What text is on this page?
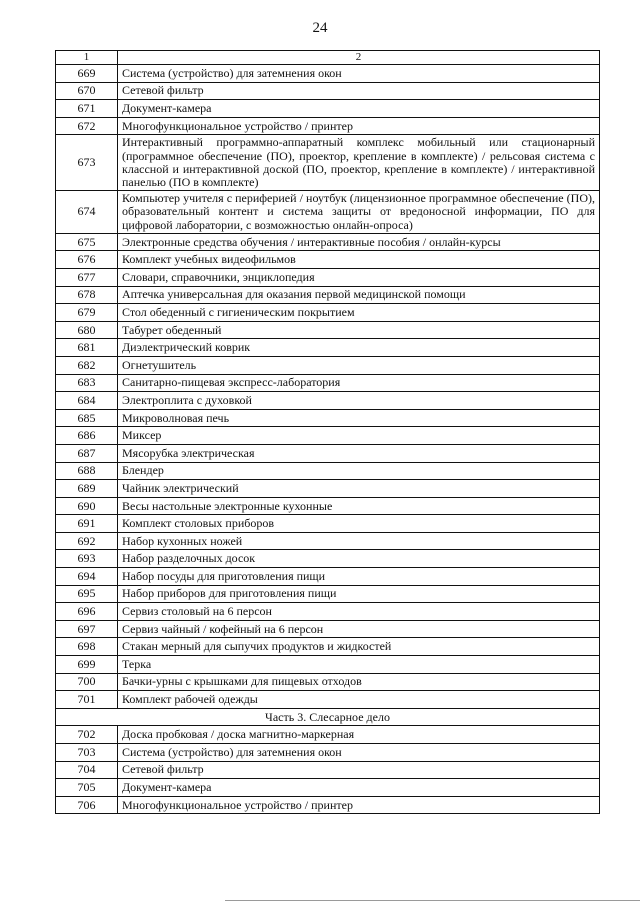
24
1	2
669	Система (устройство) для затемнения окон
670	Сетевой фильтр
671	Документ-камера
672	Многофункциональное устройство / принтер
673	Интерактивный программно-аппаратный комплекс мобильный или стационарный (программное обеспечение (ПО), проектор, крепление в комплекте) / рельсовая система с классной и интерактивной доской (ПО, проектор, крепление в комплекте) / интерактивной панелью (ПО в комплекте)
674	Компьютер учителя с периферией / ноутбук (лицензионное программное обеспечение (ПО), образовательный контент и система защиты от вредоносной информации, ПО для цифровой лаборатории, с возможностью онлайн-опроса)
675	Электронные средства обучения / интерактивные пособия / онлайн-курсы
676	Комплект учебных видеофильмов
677	Словари, справочники, энциклопедия
678	Аптечка универсальная для оказания первой медицинской помощи
679	Стол обеденный с гигиеническим покрытием
680	Табурет обеденный
681	Диэлектрический коврик
682	Огнетушитель
683	Санитарно-пищевая экспресс-лаборатория
684	Электроплита с духовкой
685	Микроволновая печь
686	Миксер
687	Мясорубка электрическая
688	Блендер
689	Чайник электрический
690	Весы настольные электронные кухонные
691	Комплект столовых приборов
692	Набор кухонных ножей
693	Набор разделочных досок
694	Набор посуды для приготовления пищи
695	Набор приборов для приготовления пищи
696	Сервиз столовый на 6 персон
697	Сервиз чайный / кофейный на 6 персон
698	Стакан мерный для сыпучих продуктов и жидкостей
699	Терка
700	Бачки-урны с крышками для пищевых отходов
701	Комплект рабочей одежды
Часть 3. Слесарное дело	
702	Доска пробковая / доска магнитно-маркерная
703	Система (устройство) для затемнения окон
704	Сетевой фильтр
705	Документ-камера
706	Многофункциональное устройство / принтер
